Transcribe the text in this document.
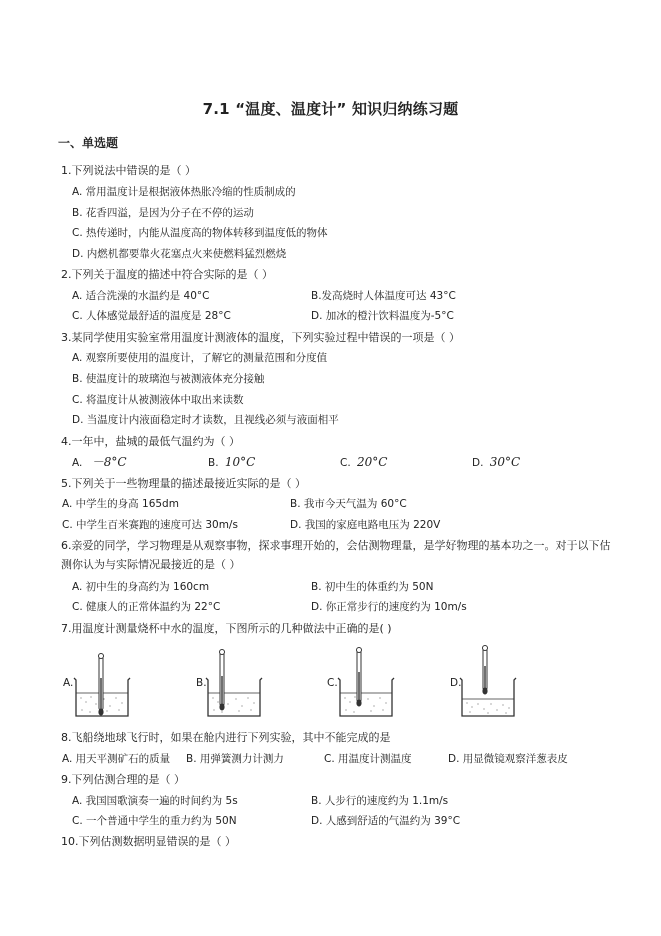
7.1 “温度、温度计” 知识归纳练习题
一、单选题
1.下列说法中错误的是（ ）
A. 常用温度计是根据液体热胀冷缩的性质制成的
B. 花香四溢，是因为分子在不停的运动
C. 热传递时，内能从温度高的物体转移到温度低的物体
D. 内燃机都要靠火花塞点火来使燃料猛烈燃烧
2.下列关于温度的描述中符合实际的是（ ）
A. 适合洗澡的水温约是 40°C	B.发高烧时人体温度可达 43°C
C. 人体感觉最舒适的温度是 28°C	D. 加冰的橙汁饮料温度为-5°C
3.某同学使用实验室常用温度计测液体的温度，下列实验过程中错误的一项是（ ）
A. 观察所要使用的温度计，了解它的测量范围和分度值
B. 使温度计的玻璃泡与被测液体充分接触
C. 将温度计从被测液体中取出来读数
D. 当温度计内液面稳定时才读数，且视线必须与液面相平
4.一年中，盐城的最低气温约为（ ）
A. －8°C	B. 10°C	C. 20°C	D. 30°C
5.下列关于一些物理量的描述最接近实际的是（ ）
A. 中学生的身高 165dm	B. 我市今天气温为 60°C
C. 中学生百米赛跑的速度可达 30m/s	D. 我国的家庭电路电压为 220V
6.亲爱的同学，学习物理是从观察事物，探求事理开始的，会估测物理量，是学好物理的基本功之一。对于以下估测你认为与实际情况最接近的是（ ）
A. 初中生的身高约为 160cm	B. 初中生的体重约为 50N
C. 健康人的正常体温约为 22°C	D. 你正常步行的速度约为 10m/s
7.用温度计测量烧杯中水的温度，下图所示的几种做法中正确的是( )
A.	B.	C.	D.
8.飞船绕地球飞行时，如果在舱内进行下列实验，其中不能完成的是
A. 用天平测矿石的质量 B. 用弹簧测力计测力	C. 用温度计测温度	D. 用显微镜观察洋葱表皮
9.下列估测合理的是（ ）
A. 我国国歌演奏一遍的时间约为 5s	B. 人步行的速度约为 1.1m/s
C. 一个普通中学生的重力约为 50N	D. 人感到舒适的气温约为 39°C
10.下列估测数据明显错误的是（ ）
